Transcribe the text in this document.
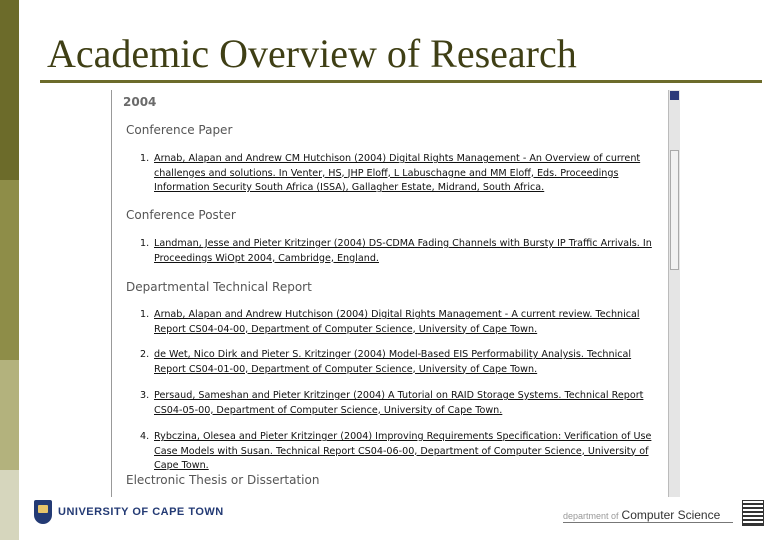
Academic Overview of Research
2004
Conference Paper
1. Arnab, Alapan and Andrew CM Hutchison (2004) Digital Rights Management - An Overview of current challenges and solutions. In Venter, HS, JHP Eloff, L Labuschagne and MM Eloff, Eds. Proceedings Information Security South Africa (ISSA), Gallagher Estate, Midrand, South Africa.
Conference Poster
1. Landman, Jesse and Pieter Kritzinger (2004) DS-CDMA Fading Channels with Bursty IP Traffic Arrivals. In Proceedings WiOpt 2004, Cambridge, England.
Departmental Technical Report
1. Arnab, Alapan and Andrew Hutchison (2004) Digital Rights Management - A current review. Technical Report CS04-04-00, Department of Computer Science, University of Cape Town.
2. de Wet, Nico Dirk and Pieter S. Kritzinger (2004) Model-Based EIS Performability Analysis. Technical Report CS04-01-00, Department of Computer Science, University of Cape Town.
3. Persaud, Sameshan and Pieter Kritzinger (2004) A Tutorial on RAID Storage Systems. Technical Report CS04-05-00, Department of Computer Science, University of Cape Town.
4. Rybczina, Olesea and Pieter Kritzinger (2004) Improving Requirements Specification: Verification of Use Case Models with Susan. Technical Report CS04-06-00, Department of Computer Science, University of Cape Town.
Electronic Thesis or Dissertation
UNIVERSITY OF CAPE TOWN	department of Computer Science
